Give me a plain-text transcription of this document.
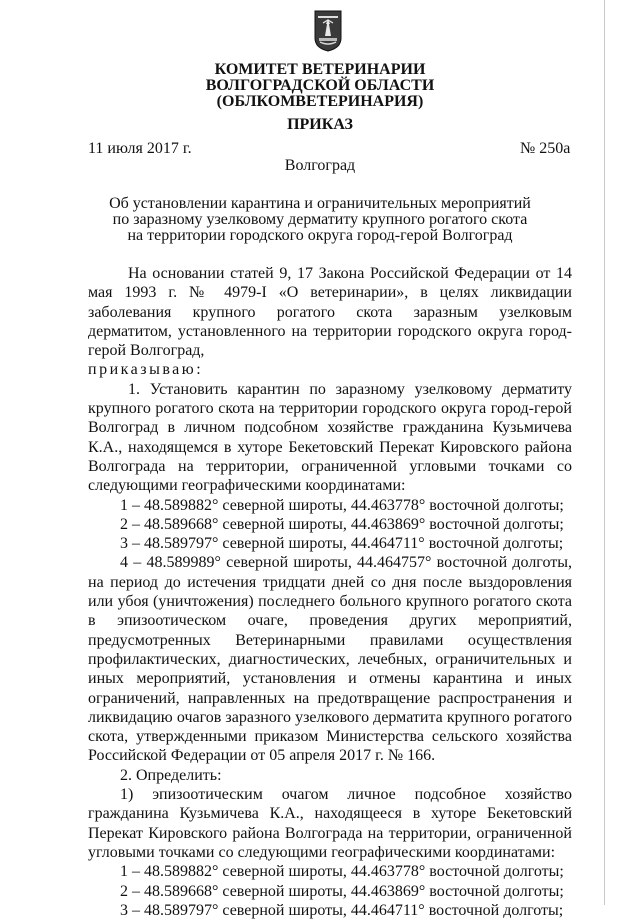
КОМИТЕТ ВЕТЕРИНАРИИ
ВОЛГОГРАДСКОЙ ОБЛАСТИ
(ОБЛКОМВЕТЕРИНАРИЯ)
ПРИКАЗ
11 июля 2017 г.	№ 250а
Волгоград
Об установлении карантина и ограничительных мероприятий
по заразному узелковому дерматиту крупного рогатого скота
на территории городского округа город-герой Волгоград

На основании статей 9, 17 Закона Российской Федерации от 14 мая 1993 г. № 4979-I «О ветеринарии», в целях ликвидации заболевания крупного рогатого скота заразным узелковым дерматитом, установленного на территории городского округа город-герой Волгоград,

приказываю:

1. Установить карантин по заразному узелковому дерматиту крупного рогатого скота на территории городского округа город-герой Волгоград в личном подсобном хозяйстве гражданина Кузьмичева К.А., находящемся в хуторе Бекетовский Перекат Кировского района Волгограда на территории, ограниченной угловыми точками со следующими географическими координатами:

1 – 48.589882° северной широты, 44.463778° восточной долготы;

2 – 48.589668° северной широты, 44.463869° восточной долготы;

3 – 48.589797° северной широты, 44.464711° восточной долготы;

4 – 48.589989° северной широты, 44.464757° восточной долготы, на период до истечения тридцати дней со дня после выздоровления или убоя (уничтожения) последнего больного крупного рогатого скота в эпизоотическом очаге, проведения других мероприятий, предусмотренных Ветеринарными правилами осуществления профилактических, диагностических, лечебных, ограничительных и иных мероприятий, установления и отмены карантина и иных ограничений, направленных на предотвращение распространения и ликвидацию очагов заразного узелкового дерматита крупного рогатого скота, утвержденными приказом Министерства сельского хозяйства Российской Федерации от 05 апреля 2017 г. № 166.

2. Определить:

1) эпизоотическим очагом личное подсобное хозяйство гражданина Кузьмичева К.А., находящееся в хуторе Бекетовский Перекат Кировского района Волгограда на территории, ограниченной угловыми точками со следующими географическими координатами:

1 – 48.589882° северной широты, 44.463778° восточной долготы;

2 – 48.589668° северной широты, 44.463869° восточной долготы;

3 – 48.589797° северной широты, 44.464711° восточной долготы;
